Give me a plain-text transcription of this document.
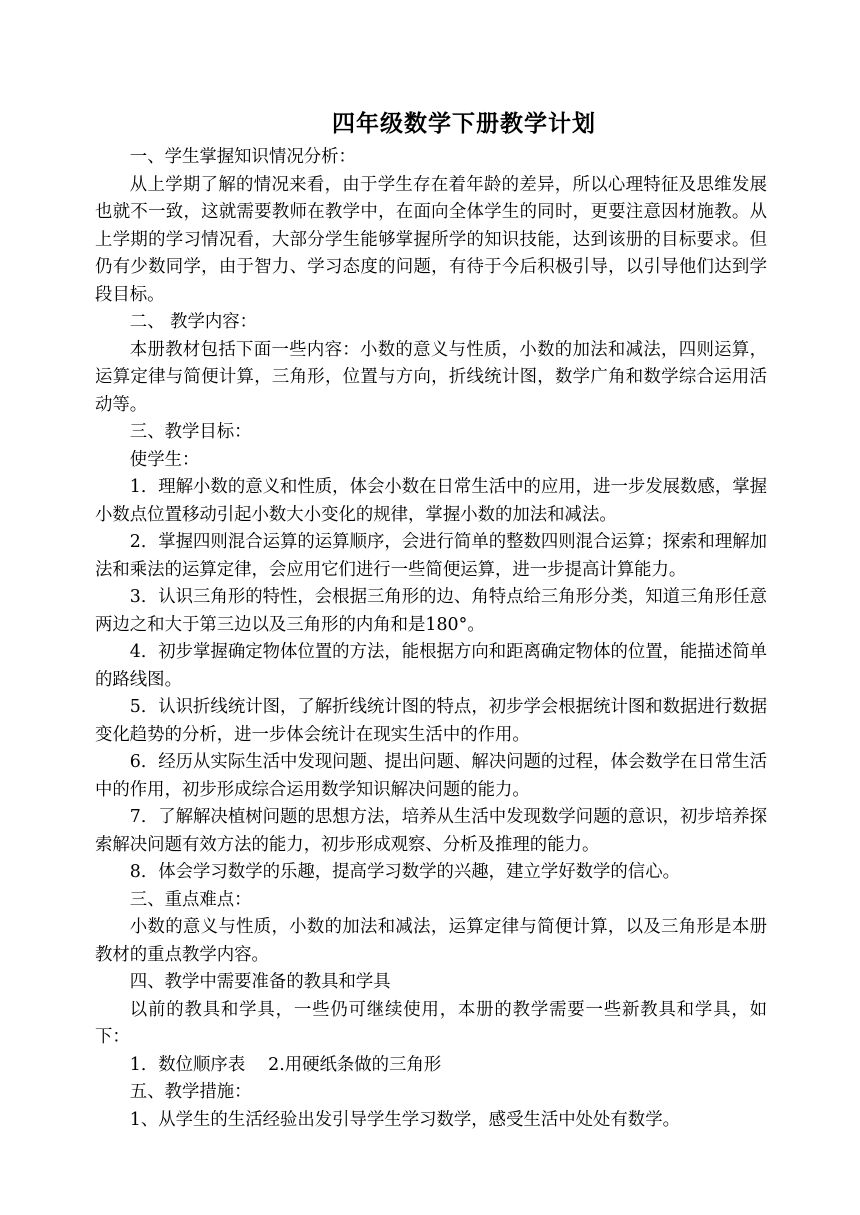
四年级数学下册教学计划

一、学生掌握知识情况分析：

从上学期了解的情况来看，由于学生存在着年龄的差异，所以心理特征及思维发展也就不一致，这就需要教师在教学中，在面向全体学生的同时，更要注意因材施教。从上学期的学习情况看，大部分学生能够掌握所学的知识技能，达到该册的目标要求。但仍有少数同学，由于智力、学习态度的问题，有待于今后积极引导，以引导他们达到学段目标。

二、 教学内容：

本册教材包括下面一些内容：小数的意义与性质，小数的加法和减法，四则运算，运算定律与简便计算，三角形，位置与方向，折线统计图，数学广角和数学综合运用活动等。

三、教学目标：

使学生：

1．理解小数的意义和性质，体会小数在日常生活中的应用，进一步发展数感，掌握小数点位置移动引起小数大小变化的规律，掌握小数的加法和减法。

2．掌握四则混合运算的运算顺序，会进行简单的整数四则混合运算；探索和理解加法和乘法的运算定律，会应用它们进行一些简便运算，进一步提高计算能力。

3．认识三角形的特性，会根据三角形的边、角特点给三角形分类，知道三角形任意两边之和大于第三边以及三角形的内角和是180°。

4．初步掌握确定物体位置的方法，能根据方向和距离确定物体的位置，能描述简单的路线图。

5．认识折线统计图，了解折线统计图的特点，初步学会根据统计图和数据进行数据变化趋势的分析，进一步体会统计在现实生活中的作用。

6．经历从实际生活中发现问题、提出问题、解决问题的过程，体会数学在日常生活中的作用，初步形成综合运用数学知识解决问题的能力。

7．了解解决植树问题的思想方法，培养从生活中发现数学问题的意识，初步培养探索解决问题有效方法的能力，初步形成观察、分析及推理的能力。

8．体会学习数学的乐趣，提高学习数学的兴趣，建立学好数学的信心。

三、重点难点：

小数的意义与性质，小数的加法和减法，运算定律与简便计算，以及三角形是本册教材的重点教学内容。

四、教学中需要准备的教具和学具

以前的教具和学具，一些仍可继续使用，本册的教学需要一些新教具和学具，如下：

1．数位顺序表　 2.用硬纸条做的三角形

五、教学措施：

1、从学生的生活经验出发引导学生学习数学，感受生活中处处有数学。
